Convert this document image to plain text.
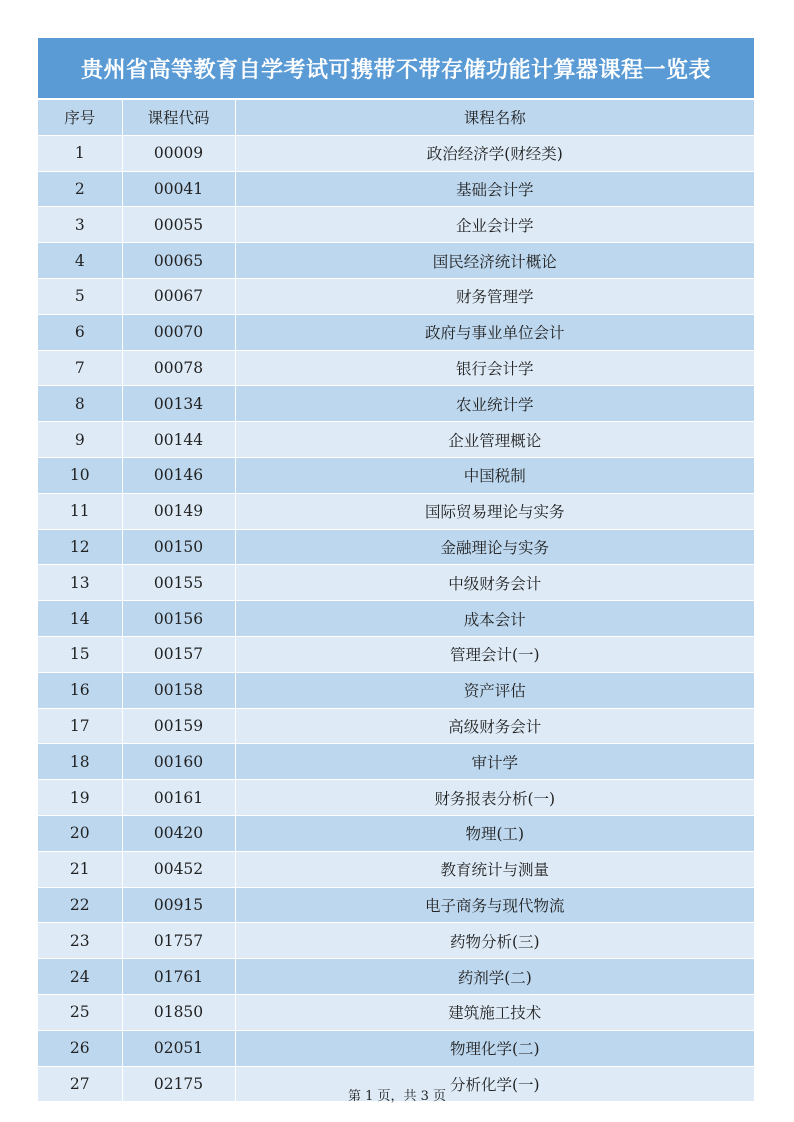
贵州省高等教育自学考试可携带不带存储功能计算器课程一览表
序号	课程代码	课程名称
1	00009	政治经济学(财经类)
2	00041	基础会计学
3	00055	企业会计学
4	00065	国民经济统计概论
5	00067	财务管理学
6	00070	政府与事业单位会计
7	00078	银行会计学
8	00134	农业统计学
9	00144	企业管理概论
10	00146	中国税制
11	00149	国际贸易理论与实务
12	00150	金融理论与实务
13	00155	中级财务会计
14	00156	成本会计
15	00157	管理会计(一)
16	00158	资产评估
17	00159	高级财务会计
18	00160	审计学
19	00161	财务报表分析(一)
20	00420	物理(工)
21	00452	教育统计与测量
22	00915	电子商务与现代物流
23	01757	药物分析(三)
24	01761	药剂学(二)
25	01850	建筑施工技术
26	02051	物理化学(二)
27	02175	分析化学(一)
第 1 页，共 3 页
